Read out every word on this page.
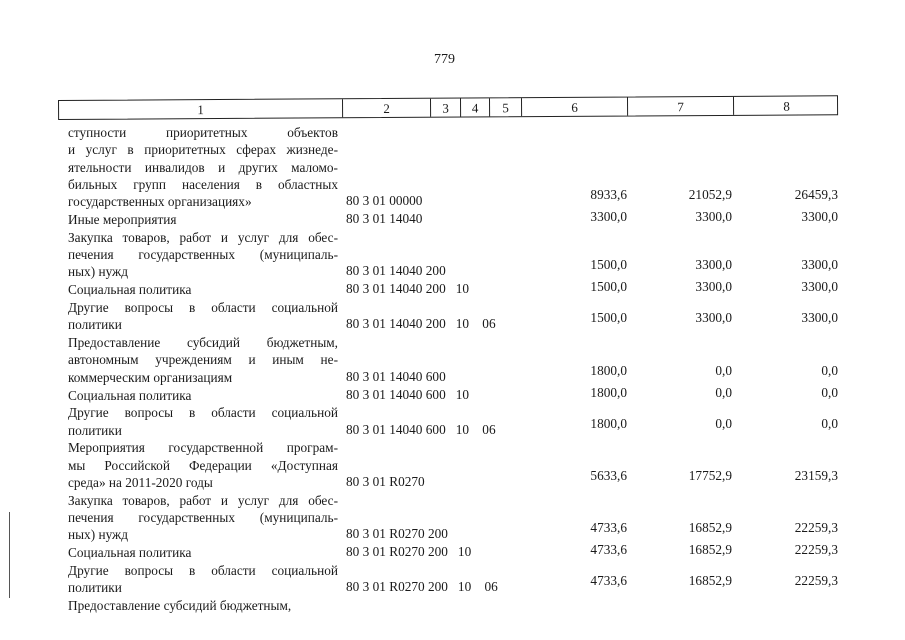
779
1	2	3	4	5	6	7	8
ступности приоритетных объектов
и услуг в приоритетных сферах жизнеде-
ятельности инвалидов и других маломо-
бильных групп населения в областных
государственных организациях»	80 3 01 00000	8933,6	21052,9	26459,3
Иные мероприятия	80 3 01 14040	3300,0	3300,0	3300,0
Закупка товаров, работ и услуг для обес-
печения государственных (муниципаль-
ных) нужд	80 3 01 14040 200	1500,0	3300,0	3300,0
Социальная политика	80 3 01 14040 200   10	1500,0	3300,0	3300,0
Другие вопросы в области социальной
политики	80 3 01 14040 200   10    06	1500,0	3300,0	3300,0
Предоставление субсидий бюджетным,
автономным учреждениям и иным не-
коммерческим организациям	80 3 01 14040 600	1800,0	0,0	0,0
Социальная политика	80 3 01 14040 600   10	1800,0	0,0	0,0
Другие вопросы в области социальной
политики	80 3 01 14040 600   10    06	1800,0	0,0	0,0
Мероприятия государственной програм-
мы Российской Федерации «Доступная
среда» на 2011-2020 годы	80 3 01 R0270	5633,6	17752,9	23159,3
Закупка товаров, работ и услуг для обес-
печения государственных (муниципаль-
ных) нужд	80 3 01 R0270 200	4733,6	16852,9	22259,3
Социальная политика	80 3 01 R0270 200   10	4733,6	16852,9	22259,3
Другие вопросы в области социальной
политики	80 3 01 R0270 200   10    06	4733,6	16852,9	22259,3
Предоставление субсидий бюджетным,
